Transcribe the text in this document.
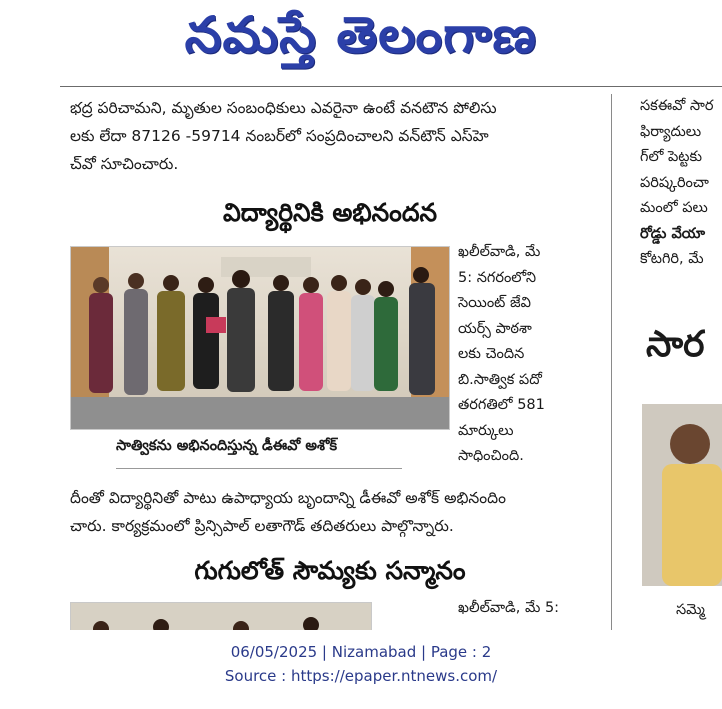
నమస్తే తెలంగాణ

భద్ర పరిచామని, మృతుల సంబంధికులు ఎవరైనా ఉంటే వనటౌన పోలిసు

లకు లేదా 87126 -59714 నంబర్‌లో సంప్రదించాలని వన్‌టౌన్ ఎస్‌హె

చ్‌వో సూచించారు.

విద్యార్థినికి అభినందన
సాత్వికను అభినందిస్తున్న డీఈవో అశోక్
ఖలీల్‌వాడి, మే
5: నగరంలోని
సెయింట్ జేవి
యర్స్ పాఠశా
లకు చెందిన
బి.సాత్విక పదో
తరగతిలో 581
మార్కులు
సాధించింది.

దీంతో విద్యార్థినితో పాటు ఉపాధ్యాయ బృందాన్ని డీఈవో అశోక్ అభినందిం

చారు. కార్యక్రమంలో ప్రిన్సిపాల్ లతాగౌడ్ తదితరులు పాల్గొన్నారు.

గుగులోత్ సౌమ్యకు సన్మానం
ఖలీల్‌వాడి, మే 5:
సకఈవో సార
ఫిర్యాదులు
గ్‌లో పెట్టకు
పరిష్కరించా
మంలో పలు
రోడ్డు వేయా
కోటగిరి, మే
సార
సమ్మె
06/05/2025 | Nizamabad | Page : 2
Source : https://epaper.ntnews.com/
